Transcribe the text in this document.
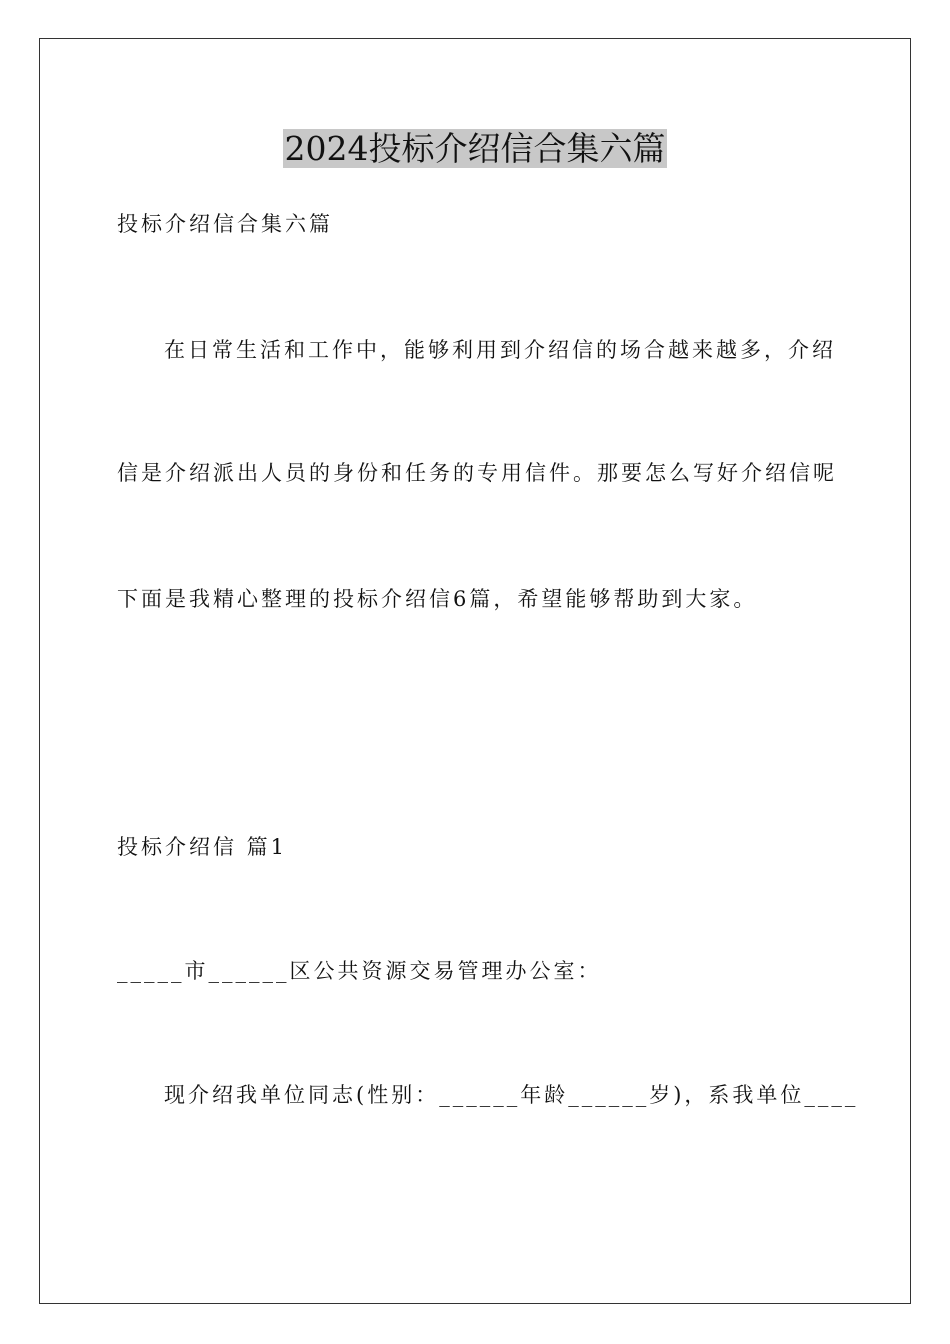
2024投标介绍信合集六篇
投标介绍信合集六篇
在日常生活和工作中，能够利用到介绍信的场合越来越多，介绍
信是介绍派出人员的身份和任务的专用信件。那要怎么写好介绍信呢
下面是我精心整理的投标介绍信6篇，希望能够帮助到大家。
投标介绍信 篇1
_____市______区公共资源交易管理办公室：
现介绍我单位同志(性别：______年龄______岁)，系我单位____
